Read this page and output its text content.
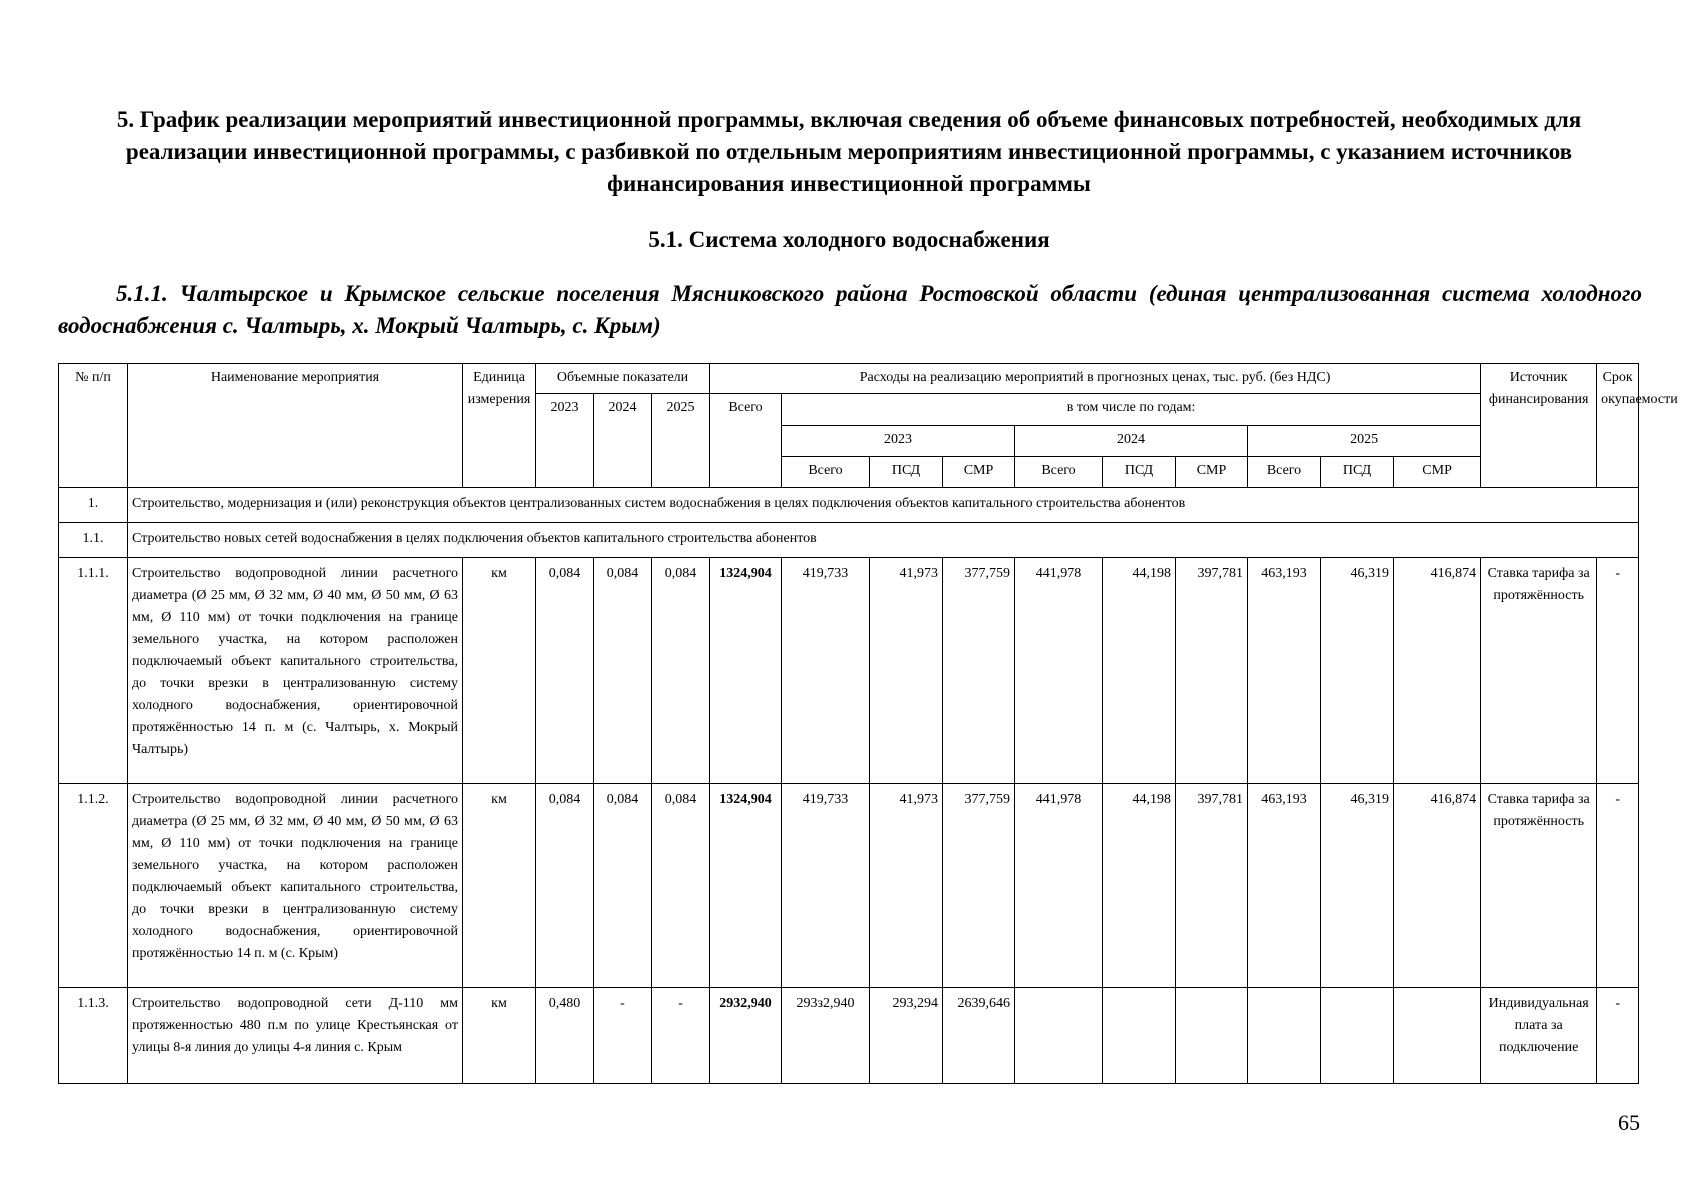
5. График реализации мероприятий инвестиционной программы, включая сведения об объеме финансовых потребностей, необходимых для реализации инвестиционной программы, с разбивкой по отдельным мероприятиям инвестиционной программы, с указанием источников финансирования инвестиционной программы
5.1. Система холодного водоснабжения
5.1.1. Чалтырское и Крымское сельские поселения Мясниковского района Ростовской области (единая централизованная система холодного водоснабжения с. Чалтырь, х. Мокрый Чалтырь, с. Крым)
№ п/п	Наименование мероприятия	Единица измерения	Объемные показатели			Расходы на реализацию мероприятий в прогнозных ценах, тыс. руб. (без НДС)										Источник финансирования	Срок окупаемости
			2023	2024	2025	Всего	в том числе по годам:										
							2023			2024			2025				
							Всего	ПСД	СМР	Всего	ПСД	СМР	Всего	ПСД	СМР		
1.	Строительство, модернизация и (или) реконструкция объектов централизованных систем водоснабжения в целях подключения объектов капитального строительства абонентов																
1.1.	Строительство новых сетей водоснабжения в целях подключения объектов капитального строительства абонентов																
1.1.1.	Строительство водопроводной линии расчетного диаметра (Ø 25 мм, Ø 32 мм, Ø 40 мм, Ø 50 мм, Ø 63 мм, Ø 110 мм) от точки подключения на границе земельного участка, на котором расположен подключаемый объект капитального строительства, до точки врезки в централизованную систему холодного водоснабжения, ориентировочной протяжённостью 14 п. м (с. Чалтырь, х. Мокрый Чалтырь)	км	0,084	0,084	0,084	1324,904	419,733	41,973	377,759	441,978	44,198	397,781	463,193	46,319	416,874	Ставка тарифа за протяжённость	-
1.1.2.	Строительство водопроводной линии расчетного диаметра (Ø 25 мм, Ø 32 мм, Ø 40 мм, Ø 50 мм, Ø 63 мм, Ø 110 мм) от точки подключения на границе земельного участка, на котором расположен подключаемый объект капитального строительства, до точки врезки в централизованную систему холодного водоснабжения, ориентировочной протяжённостью 14 п. м (с. Крым)	км	0,084	0,084	0,084	1324,904	419,733	41,973	377,759	441,978	44,198	397,781	463,193	46,319	416,874	Ставка тарифа за протяжённость	-
1.1.3.	Строительство водопроводной сети Д-110 мм протяженностью 480 п.м по улице Крестьянская от улицы 8-я линия до улицы 4-я линия с. Крым	км	0,480	-	-	2932,940	293з2,940	293,294	2639,646							Индивидуальная плата за подключение	-
65
